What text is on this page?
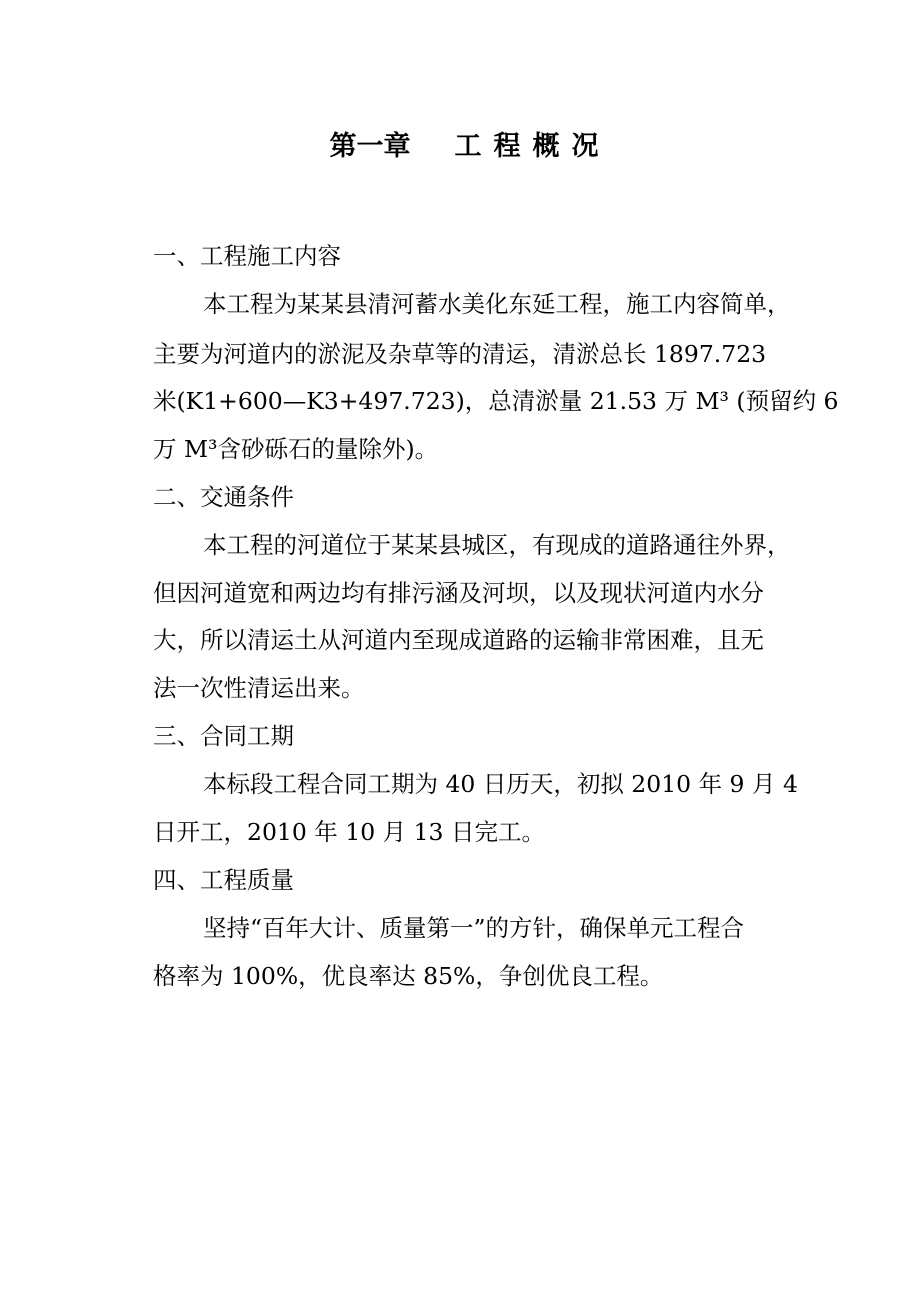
第一章 工程概况
一、工程施工内容
本工程为某某县清河蓄水美化东延工程，施工内容简单，
主要为河道内的淤泥及杂草等的清运，清淤总长 1897.723
米(K1+600—K3+497.723)，总清淤量 21.53 万 M³ (预留约 6
万 M³含砂砾石的量除外)。
二、交通条件
本工程的河道位于某某县城区，有现成的道路通往外界，
但因河道宽和两边均有排污涵及河坝，以及现状河道内水分
大，所以清运土从河道内至现成道路的运输非常困难，且无
法一次性清运出来。
三、合同工期
本标段工程合同工期为 40 日历天，初拟 2010 年 9 月 4
日开工，2010 年 10 月 13 日完工。
四、工程质量
坚持“百年大计、质量第一”的方针，确保单元工程合
格率为 100%，优良率达 85%，争创优良工程。
